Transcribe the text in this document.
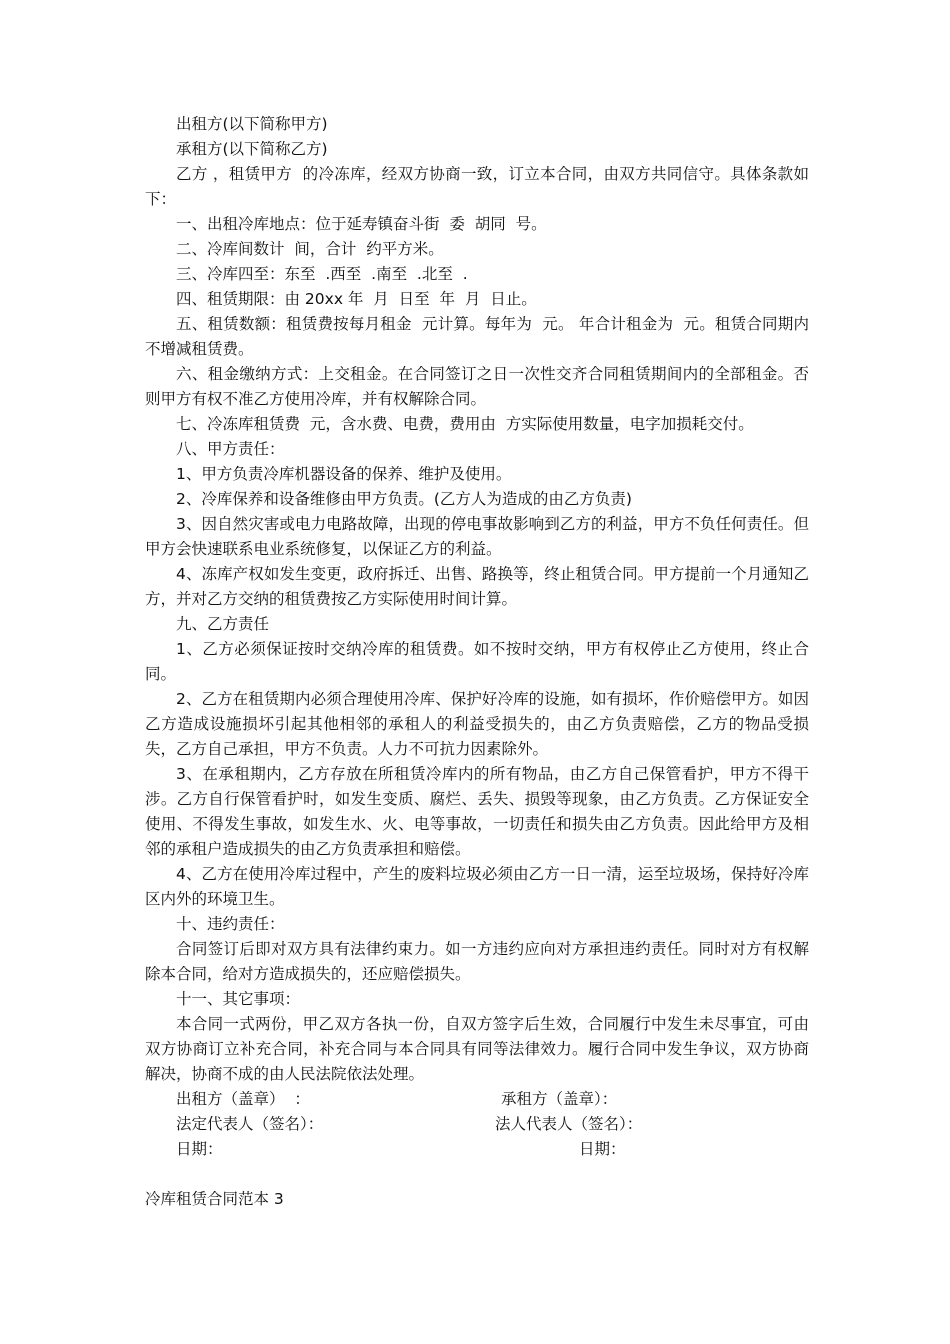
出租方(以下简称甲方)

承租方(以下简称乙方)

乙方 ，租赁甲方  的冷冻库，经双方协商一致，订立本合同，由双方共同信守。具体条款如下：

一、出租冷库地点：位于延寿镇奋斗街  委  胡同  号。

二、冷库间数计  间，合计  约平方米。

三、冷库四至：东至  .西至  .南至  .北至  .

四、租赁期限：由 20xx 年  月  日至  年  月  日止。

五、租赁数额：租赁费按每月租金  元计算。每年为  元。 年合计租金为  元。租赁合同期内不增减租赁费。

六、租金缴纳方式：上交租金。在合同签订之日一次性交齐合同租赁期间内的全部租金。否则甲方有权不准乙方使用冷库，并有权解除合同。

七、冷冻库租赁费  元，含水费、电费，费用由  方实际使用数量，电字加损耗交付。

八、甲方责任：

1、甲方负责冷库机器设备的保养、维护及使用。

2、冷库保养和设备维修由甲方负责。(乙方人为造成的由乙方负责)

3、因自然灾害或电力电路故障，出现的停电事故影响到乙方的利益，甲方不负任何责任。但甲方会快速联系电业系统修复，以保证乙方的利益。

4、冻库产权如发生变更，政府拆迁、出售、路换等，终止租赁合同。甲方提前一个月通知乙方，并对乙方交纳的租赁费按乙方实际使用时间计算。

九、乙方责任

1、乙方必须保证按时交纳冷库的租赁费。如不按时交纳，甲方有权停止乙方使用，终止合同。

2、乙方在租赁期内必须合理使用冷库、保护好冷库的设施，如有损坏，作价赔偿甲方。如因乙方造成设施损坏引起其他相邻的承租人的利益受损失的，由乙方负责赔偿，乙方的物品受损失，乙方自己承担，甲方不负责。人力不可抗力因素除外。

3、在承租期内，乙方存放在所租赁冷库内的所有物品，由乙方自己保管看护，甲方不得干涉。乙方自行保管看护时，如发生变质、腐烂、丢失、损毁等现象，由乙方负责。乙方保证安全使用、不得发生事故，如发生水、火、电等事故，一切责任和损失由乙方负责。因此给甲方及相邻的承租户造成损失的由乙方负责承担和赔偿。

4、乙方在使用冷库过程中，产生的废料垃圾必须由乙方一日一清，运至垃圾场，保持好冷库区内外的环境卫生。

十、违约责任：

合同签订后即对双方具有法律约束力。如一方违约应向对方承担违约责任。同时对方有权解除本合同，给对方造成损失的，还应赔偿损失。

十一、其它事项：

本合同一式两份，甲乙双方各执一份，自双方签字后生效，合同履行中发生未尽事宜，可由双方协商订立补充合同，补充合同与本合同具有同等法律效力。履行合同中发生争议，双方协商解决，协商不成的由人民法院依法处理。

出租方（盖章）  ：	承租方（盖章）：
法定代表人（签名）：	法人代表人（签名）：
日期：	日期：
冷库租赁合同范本 3
